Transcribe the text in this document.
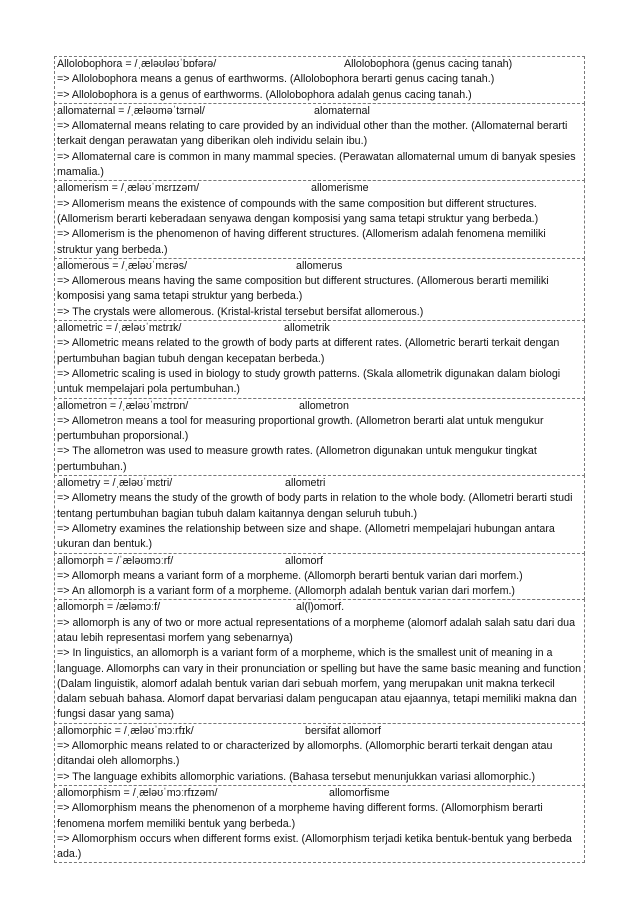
Allolobophora = /ˌæləʊləʊˈbɒfərə/	Allolobophora (genus cacing tanah)
=> Allolobophora means a genus of earthworms. (Allolobophora berarti genus cacing tanah.)
=> Allolobophora is a genus of earthworms. (Allolobophora adalah genus cacing tanah.)
allomaternal = /ˌæləʊməˈtɜrnəl/	alomaternal
=> Allomaternal means relating to care provided by an individual other than the mother. (Allomaternal berarti terkait dengan perawatan yang diberikan oleh individu selain ibu.)
=> Allomaternal care is common in many mammal species. (Perawatan allomaternal umum di banyak spesies mamalia.)
allomerism = /ˌæləʊˈmɛrɪzəm/	allomerisme
=> Allomerism means the existence of compounds with the same composition but different structures. (Allomerism berarti keberadaan senyawa dengan komposisi yang sama tetapi struktur yang berbeda.)
=> Allomerism is the phenomenon of having different structures. (Allomerism adalah fenomena memiliki struktur yang berbeda.)
allomerous = /ˌæləʊˈmɛrəs/	allomerus
=> Allomerous means having the same composition but different structures. (Allomerous berarti memiliki komposisi yang sama tetapi struktur yang berbeda.)
=> The crystals were allomerous. (Kristal-kristal tersebut bersifat allomerous.)
allometric = /ˌæləʊˈmɛtrɪk/	allometrik
=> Allometric means related to the growth of body parts at different rates. (Allometric berarti terkait dengan pertumbuhan bagian tubuh dengan kecepatan berbeda.)
=> Allometric scaling is used in biology to study growth patterns. (Skala allometrik digunakan dalam biologi untuk mempelajari pola pertumbuhan.)
allometron = /ˌæləʊˈmɛtrɒn/	allometron
=> Allometron means a tool for measuring proportional growth. (Allometron berarti alat untuk mengukur pertumbuhan proporsional.)
=> The allometron was used to measure growth rates. (Allometron digunakan untuk mengukur tingkat pertumbuhan.)
allometry = /ˌæləʊˈmɛtri/	allometri
=> Allometry means the study of the growth of body parts in relation to the whole body. (Allometri berarti studi tentang pertumbuhan bagian tubuh dalam kaitannya dengan seluruh tubuh.)
=> Allometry examines the relationship between size and shape. (Allometri mempelajari hubungan antara ukuran dan bentuk.)
allomorph = /ˈæləʊmɔːrf/	allomorf
=> Allomorph means a variant form of a morpheme. (Allomorph berarti bentuk varian dari morfem.)
=> An allomorph is a variant form of a morpheme. (Allomorph adalah bentuk varian dari morfem.)
allomorph = /æləmɔːf/	al(l)omorf.
=> allomorph is any of two or more actual representations of a morpheme (alomorf adalah salah satu dari dua atau lebih representasi morfem yang sebenarnya)
=> In linguistics, an allomorph is a variant form of a morpheme, which is the smallest unit of meaning in a language. Allomorphs can vary in their pronunciation or spelling but have the same basic meaning and function (Dalam linguistik, alomorf adalah bentuk varian dari sebuah morfem, yang merupakan unit makna terkecil dalam sebuah bahasa. Alomorf dapat bervariasi dalam pengucapan atau ejaannya, tetapi memiliki makna dan fungsi dasar yang sama)
allomorphic = /ˌæləʊˈmɔːrfɪk/	bersifat allomorf
=> Allomorphic means related to or characterized by allomorphs. (Allomorphic berarti terkait dengan atau ditandai oleh allomorphs.)
=> The language exhibits allomorphic variations. (Bahasa tersebut menunjukkan variasi allomorphic.)
allomorphism = /ˌæləʊˈmɔːrfɪzəm/	allomorfisme
=> Allomorphism means the phenomenon of a morpheme having different forms. (Allomorphism berarti fenomena morfem memiliki bentuk yang berbeda.)
=> Allomorphism occurs when different forms exist. (Allomorphism terjadi ketika bentuk-bentuk yang berbeda ada.)
